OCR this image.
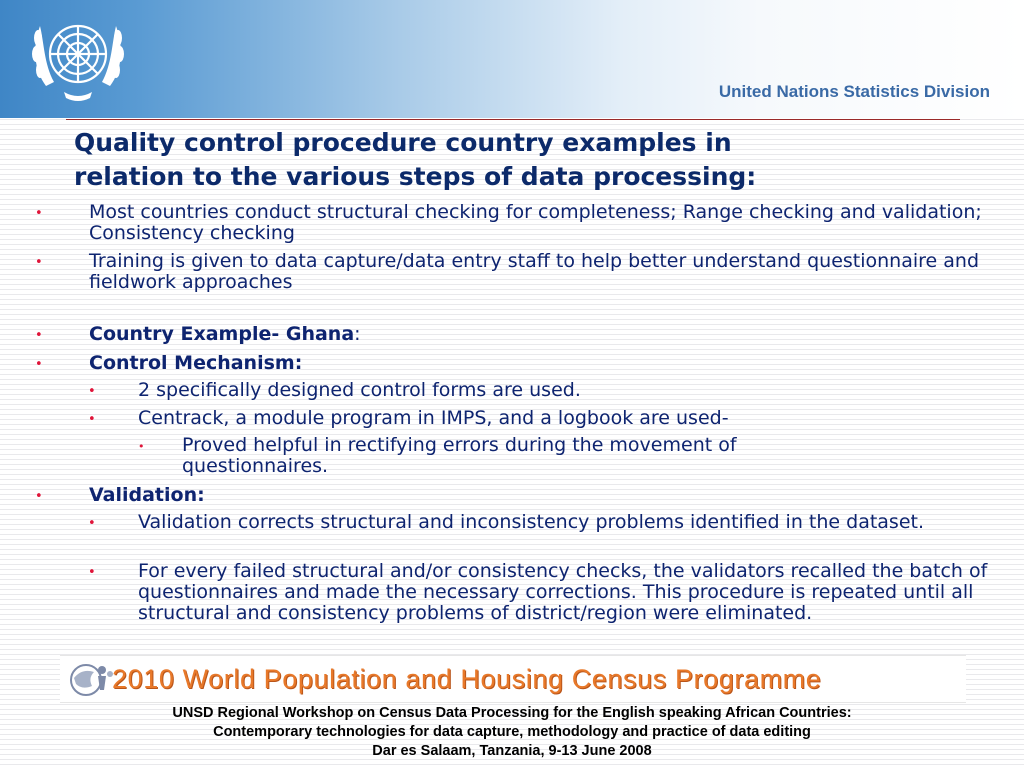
United Nations Statistics Division
Quality control procedure country examples in
relation to the various steps of data processing:
• Most countries conduct structural checking for completeness; Range checking and validation; Consistency checking
• Training is given to data capture/data entry staff to help better understand questionnaire and fieldwork approaches
• Country Example- Ghana:
• Control Mechanism:
• 2 specifically designed control forms are used.
• Centrack, a module program in IMPS, and a logbook are used-
• Proved helpful in rectifying errors during the movement of questionnaires.
• Validation:
• Validation corrects structural and inconsistency problems identified in the dataset.
• For every failed structural and/or consistency checks, the validators recalled the batch of questionnaires and made the necessary corrections. This procedure is repeated until all structural and consistency problems of district/region were eliminated.
2010 World Population and Housing Census Programme
UNSD Regional Workshop on Census Data Processing for the English speaking African Countries:
Contemporary technologies for data capture, methodology and practice of data editing
Dar es Salaam, Tanzania, 9-13 June 2008
